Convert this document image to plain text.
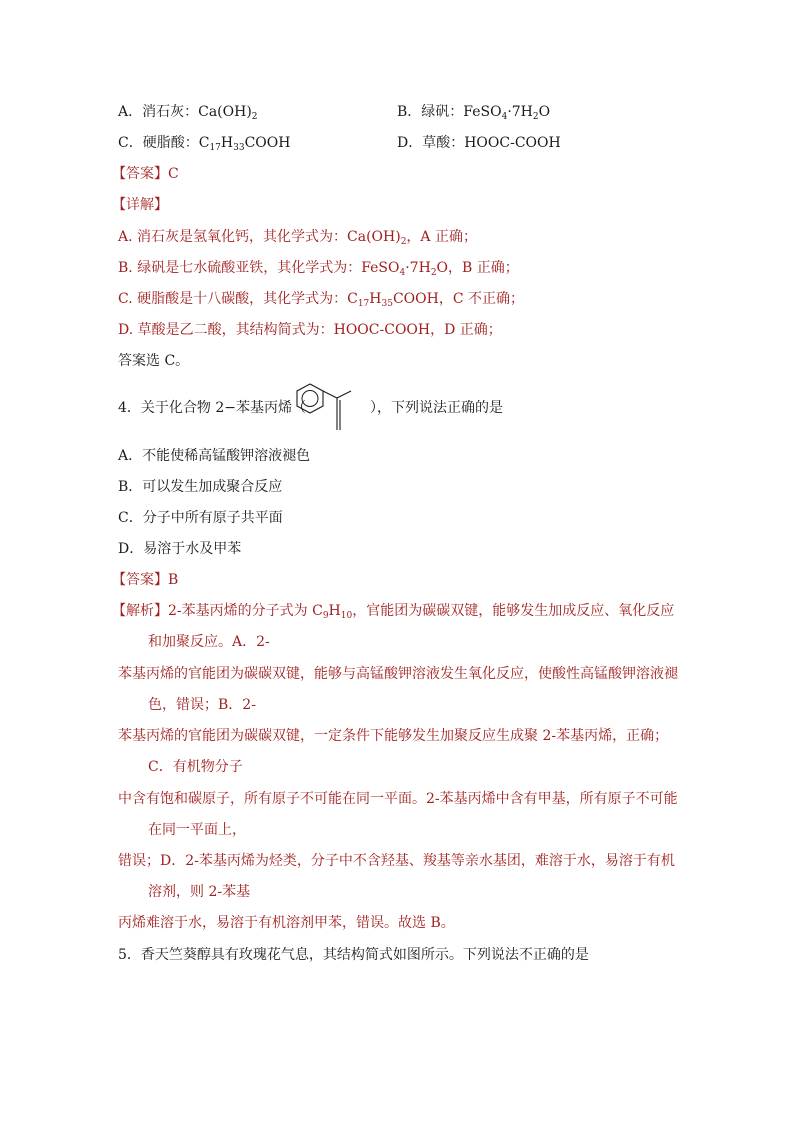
A．消石灰：$Ca(OH)_2$	B．绿矾：$FeSO_4\cdot 7H_2O$
C．硬脂酸：$C_{17}H_{33}COOH$	D．草酸：HOOC-COOH
【答案】C
【详解】
A. 消石灰是氢氧化钙，其化学式为：$Ca(OH)_2$，A 正确；
B. 绿矾是七水硫酸亚铁，其化学式为：$FeSO_4\cdot 7H_2O$，B 正确；
C. 硬脂酸是十八碳酸，其化学式为：$C_{17}H_{35}COOH$，C 不正确；
D. 草酸是乙二酸，其结构简式为：HOOC-COOH，D 正确；
答案选 C。
4．关于化合物 2−苯基丙烯（	），下列说法正确的是
A．不能使稀高锰酸钾溶液褪色
B．可以发生加成聚合反应
C．分子中所有原子共平面
D．易溶于水及甲苯
【答案】B
【解析】2-苯基丙烯的分子式为 $C_9H_{10}$，官能团为碳碳双键，能够发生加成反应、氧化反应
和加聚反应。A．2-
苯基丙烯的官能团为碳碳双键，能够与高锰酸钾溶液发生氧化反应，使酸性高锰酸钾溶液褪
色，错误；B．2-
苯基丙烯的官能团为碳碳双键，一定条件下能够发生加聚反应生成聚 2-苯基丙烯，正确；
C．有机物分子
中含有饱和碳原子，所有原子不可能在同一平面。2-苯基丙烯中含有甲基，所有原子不可能
在同一平面上，
错误；D．2-苯基丙烯为烃类，分子中不含羟基、羧基等亲水基团，难溶于水，易溶于有机
溶剂，则 2-苯基
丙烯难溶于水，易溶于有机溶剂甲苯，错误。故选 B。
5．香天竺葵醇具有玫瑰花气息，其结构简式如图所示。下列说法不正确的是
